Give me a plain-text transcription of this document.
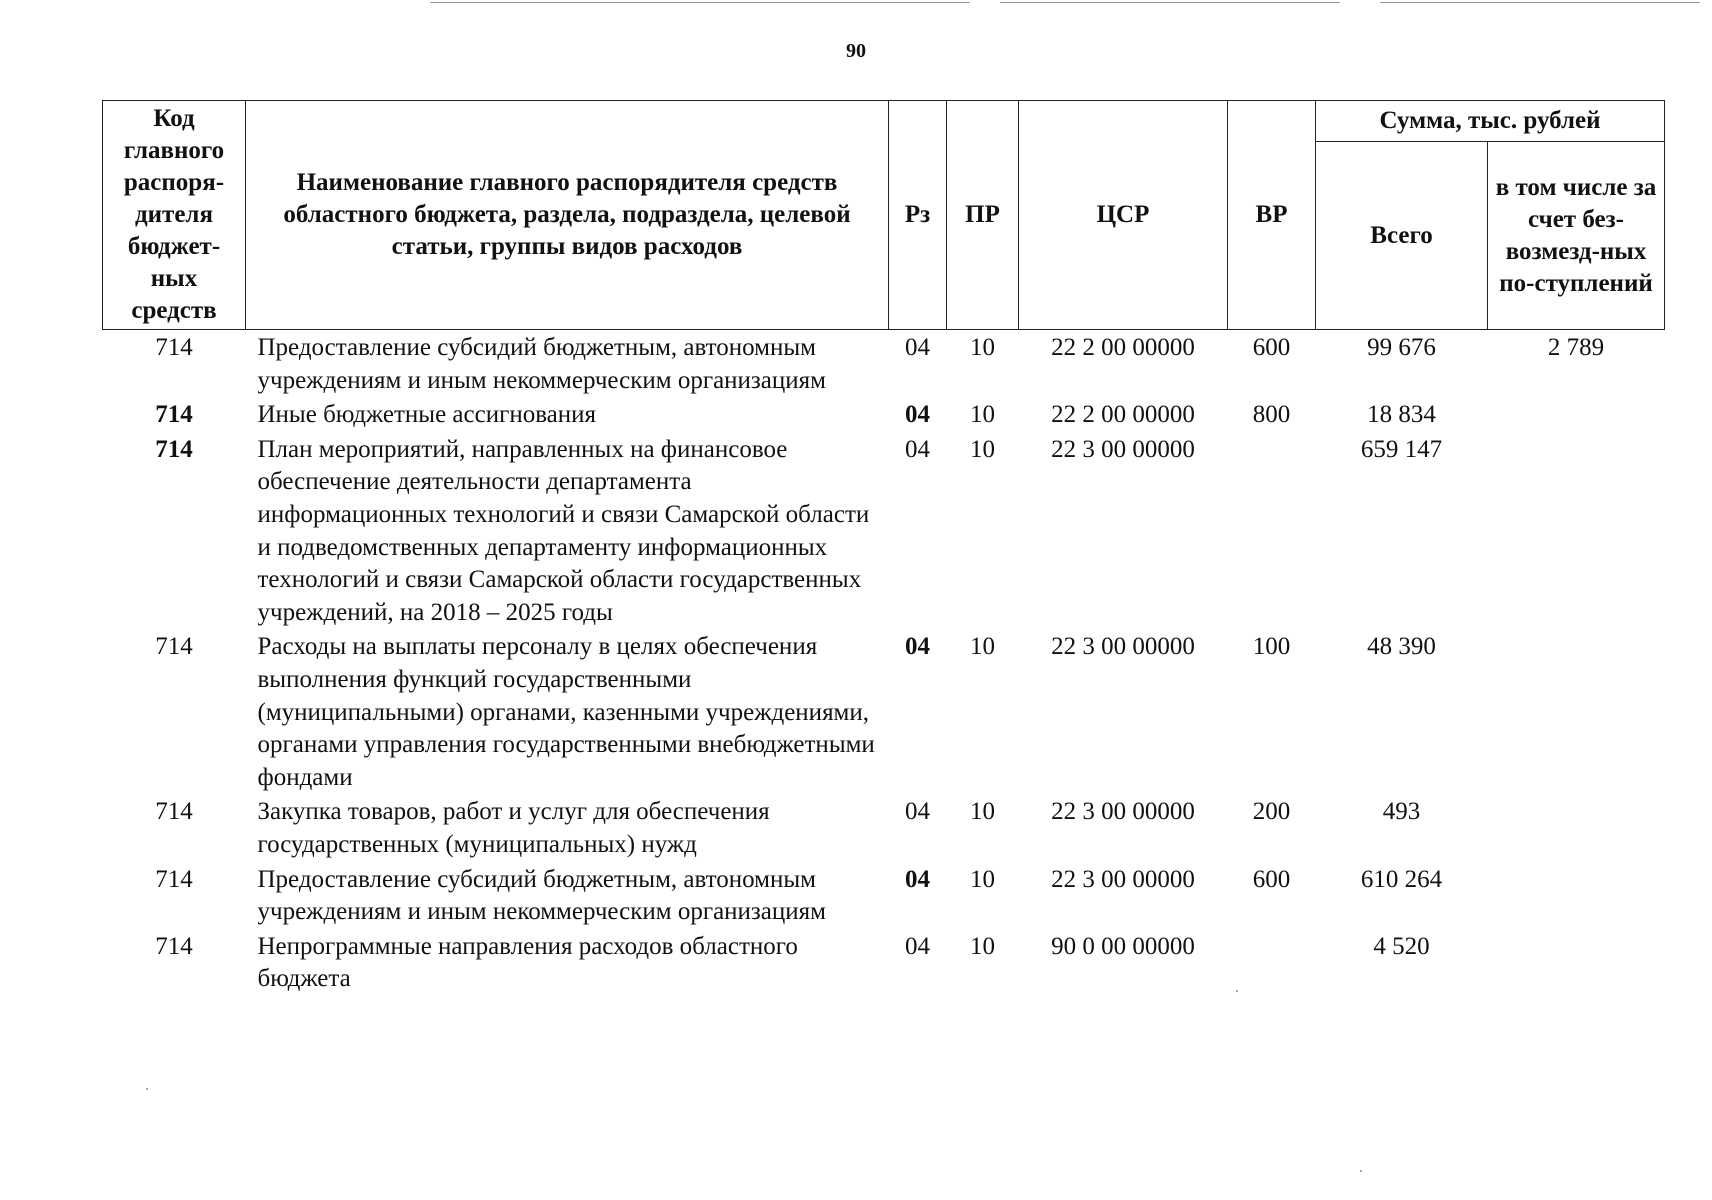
90
Код главного распоря-дителя бюджет-ных средств	Наименование главного распорядителя средств областного бюджета, раздела, подраздела, целевой статьи, группы видов расходов	Рз	ПР	ЦСР	ВР	Сумма, тыс. рублей	
						Всего	в том числе за счет без-возмезд-ных по-ступлений
714	Предоставление субсидий бюджетным, автономным учреждениям и иным некоммерческим организациям	04	10	22 2 00 00000	600	99 676	2 789
714	Иные бюджетные ассигнования	04	10	22 2 00 00000	800	18 834	
714	План мероприятий, направленных на финансовое обеспечение деятельности департамента информационных технологий и связи Самарской области и подведомственных департаменту информационных технологий и связи Самарской области государственных учреждений, на 2018 – 2025 годы	04	10	22 3 00 00000		659 147	
714	Расходы на выплаты персоналу в целях обеспечения выполнения функций государственными (муниципальными) органами, казенными учреждениями, органами управления государственными внебюджетными фондами	04	10	22 3 00 00000	100	48 390	
714	Закупка товаров, работ и услуг для обеспечения государственных (муниципальных) нужд	04	10	22 3 00 00000	200	493	
714	Предоставление субсидий бюджетным, автономным учреждениям и иным некоммерческим организациям	04	10	22 3 00 00000	600	610 264	
714	Непрограммные направления расходов областного бюджета	04	10	90 0 00 00000		4 520	
